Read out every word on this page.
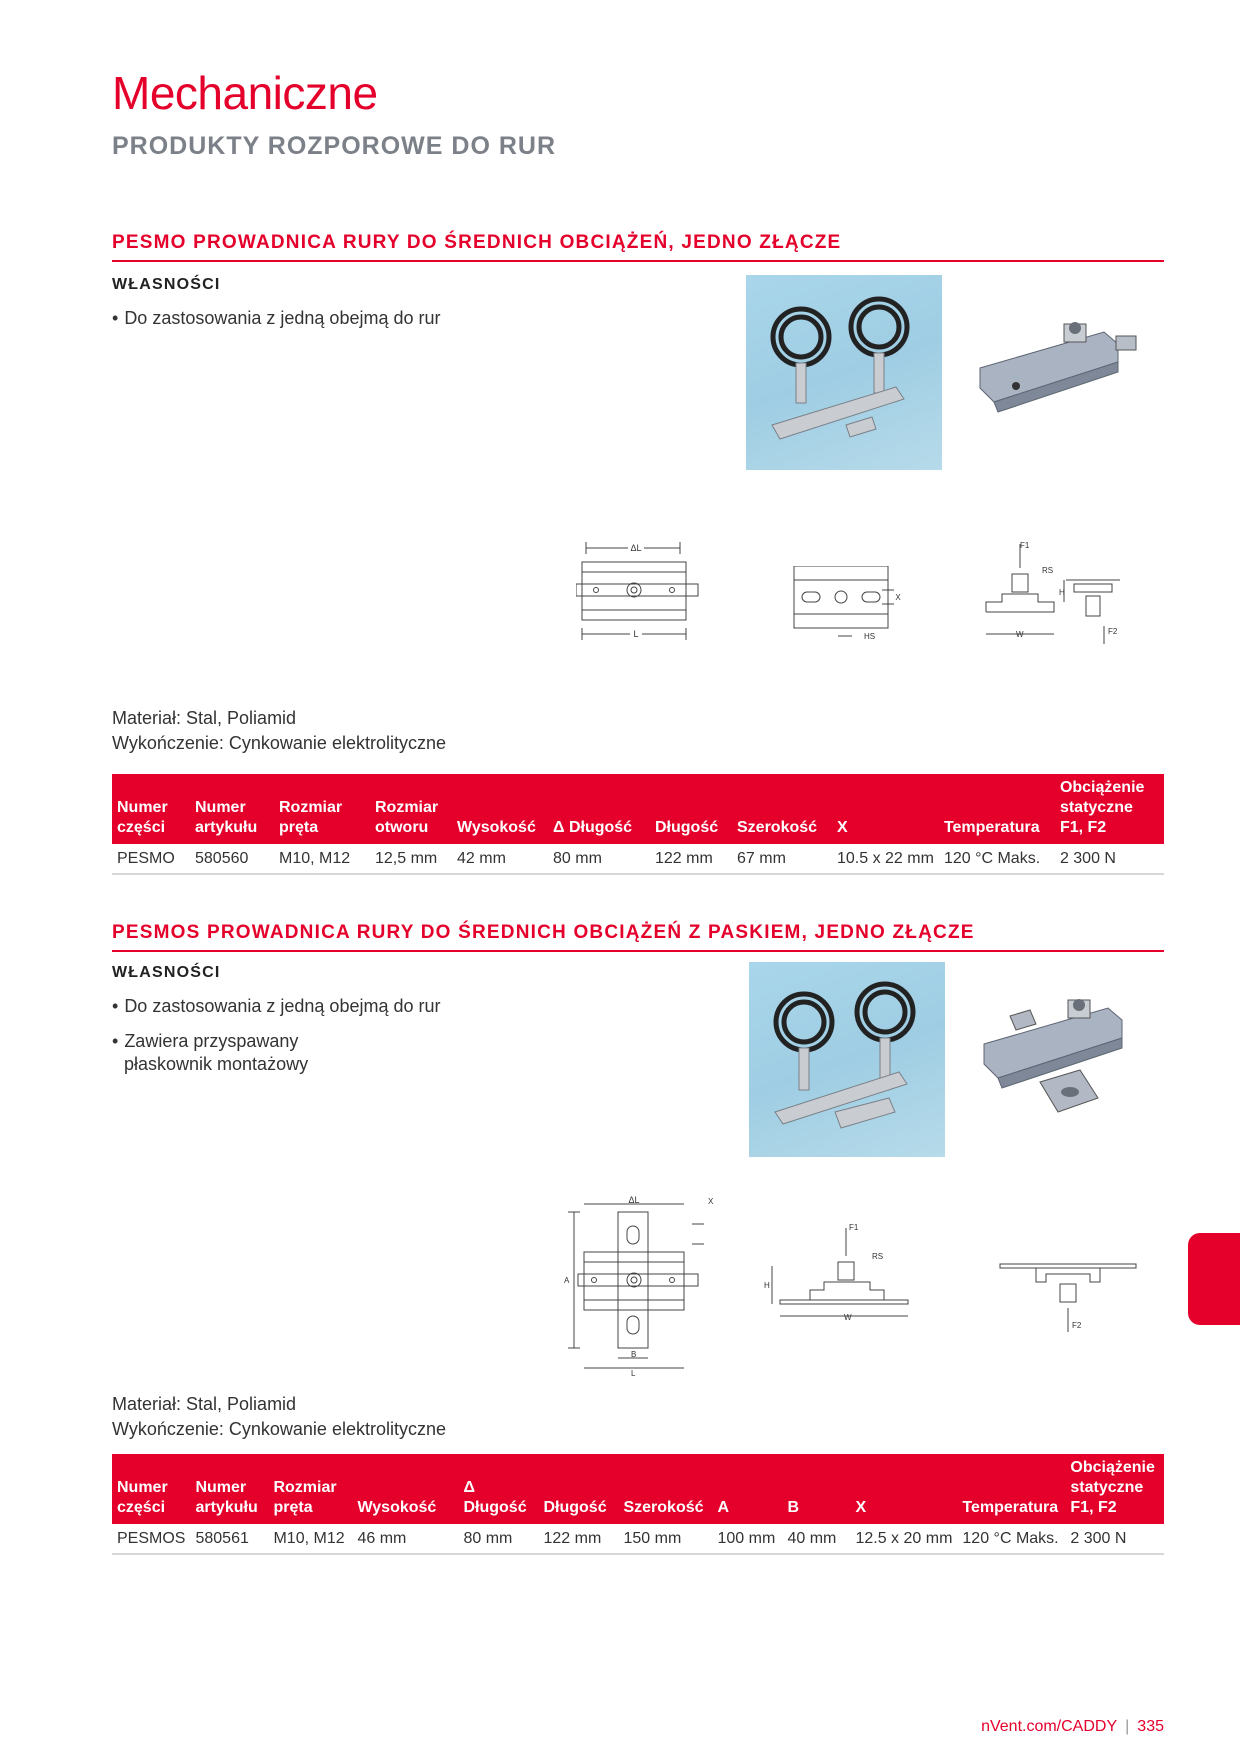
Mechaniczne
PRODUKTY ROZPOROWE DO RUR
PESMO PROWADNICA RURY DO ŚREDNICH OBCIĄŻEŃ, JEDNO ZŁĄCZE
WŁASNOŚCI
• Do zastosowania z jedną obejmą do rur
ΔL
L
X
HS
F1
RS
H
W	F2
Materiał: Stal, Poliamid
Wykończenie: Cynkowanie elektrolityczne
Numer części	Numer artykułu	Rozmiar pręta	Rozmiar otworu	Wysokość	Δ Długość	Długość	Szerokość	X	Temperatura	Obciążenie statyczne F1, F2
PESMO	580560	M10, M12	12,5 mm	42 mm	80 mm	122 mm	67 mm	10.5 x 22 mm	120 °C Maks.	2 300 N
PESMOS PROWADNICA RURY DO ŚREDNICH OBCIĄŻEŃ Z PASKIEM, JEDNO ZŁĄCZE
WŁASNOŚCI
• Do zastosowania z jedną obejmą do rur
• Zawiera przyspawany
płaskownik montażowy
ΔL	X
A
B
L
F1
RS
H
W
F2
Materiał: Stal, Poliamid
Wykończenie: Cynkowanie elektrolityczne
Numer części	Numer artykułu	Rozmiar pręta	Wysokość	Δ Długość	Długość	Szerokość	A	B	X	Temperatura	Obciążenie statyczne F1, F2
PESMOS	580561	M10, M12	46 mm	80 mm	122 mm	150 mm	100 mm	40 mm	12.5 x 20 mm	120 °C Maks.	2 300 N
nVent.com/CADDY | 335
